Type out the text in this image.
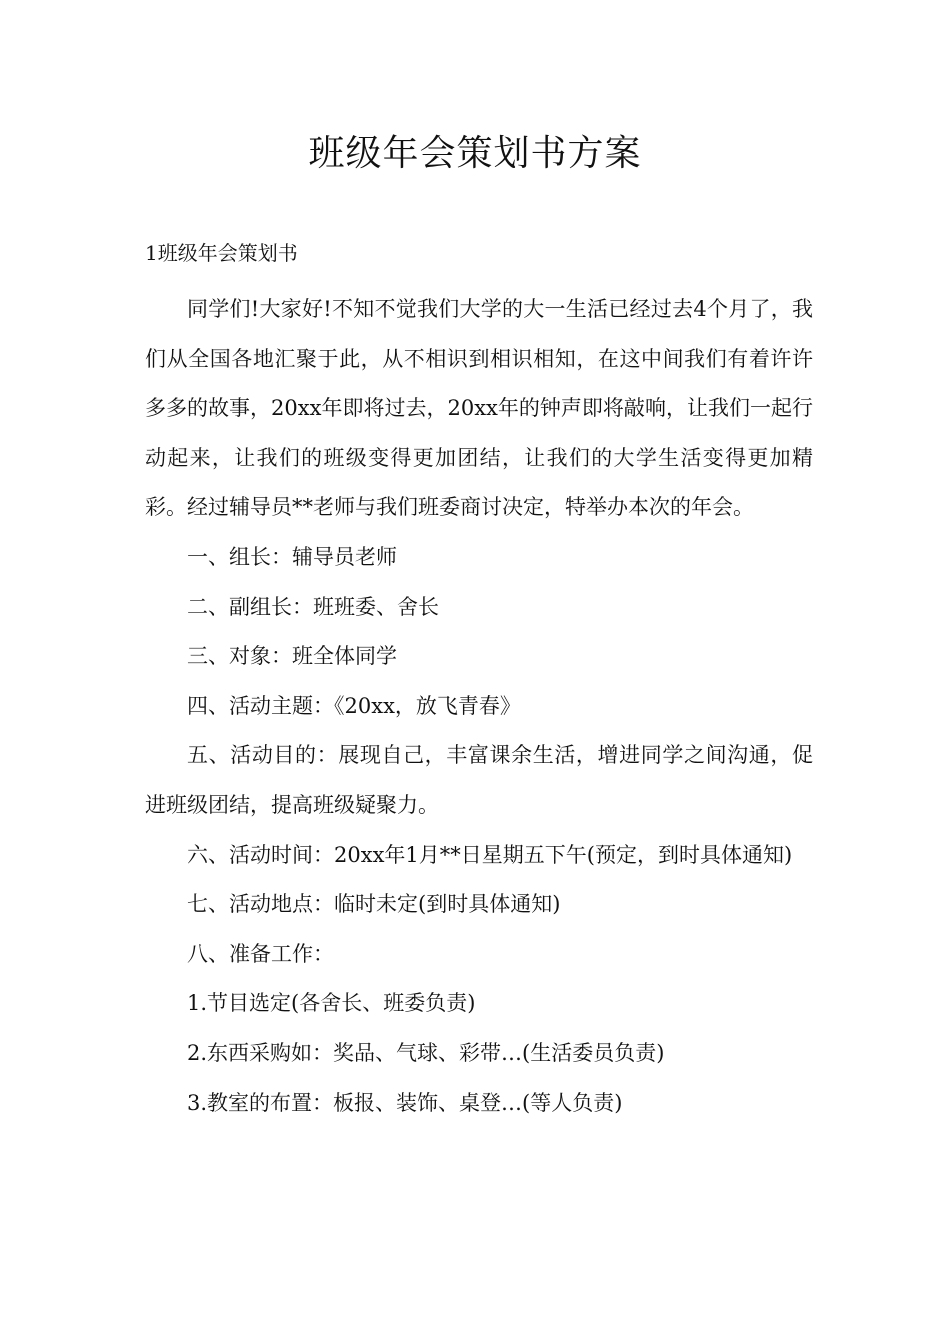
班级年会策划书方案

1班级年会策划书

同学们!大家好!不知不觉我们大学的大一生活已经过去4个月了，我们从全国各地汇聚于此，从不相识到相识相知，在这中间我们有着许许多多的故事，20xx年即将过去，20xx年的钟声即将敲响，让我们一起行动起来，让我们的班级变得更加团结，让我们的大学生活变得更加精彩。经过辅导员**老师与我们班委商讨决定，特举办本次的年会。

一、组长：辅导员老师

二、副组长：班班委、舍长

三、对象：班全体同学

四、活动主题：《20xx，放飞青春》

五、活动目的：展现自己，丰富课余生活，增进同学之间沟通，促进班级团结，提高班级疑聚力。

六、活动时间：20xx年1月**日星期五下午(预定，到时具体通知)

七、活动地点：临时未定(到时具体通知)

八、准备工作：

1.节目选定(各舍长、班委负责)

2.东西采购如：奖品、气球、彩带…(生活委员负责)

3.教室的布置：板报、装饰、桌登…(等人负责)
